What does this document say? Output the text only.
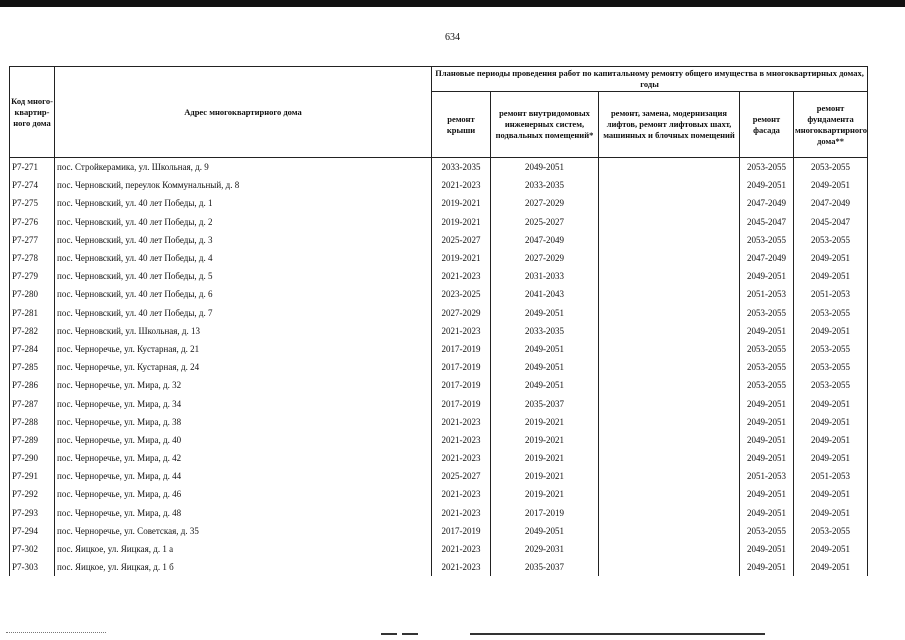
634
Код много-квартир-ного дома	Адрес многоквартирного дома	Плановые периоды проведения работ по капитальному ремонту общего имущества в многоквартирных домах, годы				
		ремонт крыши	ремонт внутридомовых инженерных систем, подвальных помещений*	ремонт, замена, модернизация лифтов, ремонт лифтовых шахт, машинных и блочных помещений	ремонт фасада	ремонт фундамента многоквартирного дома**
Р7-271	пос. Стройкерамика, ул. Школьная, д. 9	2033-2035	2049-2051		2053-2055	2053-2055
Р7-274	пос. Черновский, переулок Коммунальный, д. 8	2021-2023	2033-2035		2049-2051	2049-2051
Р7-275	пос. Черновский, ул. 40 лет Победы, д. 1	2019-2021	2027-2029		2047-2049	2047-2049
Р7-276	пос. Черновский, ул. 40 лет Победы, д. 2	2019-2021	2025-2027		2045-2047	2045-2047
Р7-277	пос. Черновский, ул. 40 лет Победы, д. 3	2025-2027	2047-2049		2053-2055	2053-2055
Р7-278	пос. Черновский, ул. 40 лет Победы, д. 4	2019-2021	2027-2029		2047-2049	2049-2051
Р7-279	пос. Черновский, ул. 40 лет Победы, д. 5	2021-2023	2031-2033		2049-2051	2049-2051
Р7-280	пос. Черновский, ул. 40 лет Победы, д. 6	2023-2025	2041-2043		2051-2053	2051-2053
Р7-281	пос. Черновский, ул. 40 лет Победы, д. 7	2027-2029	2049-2051		2053-2055	2053-2055
Р7-282	пос. Черновский, ул. Школьная, д. 13	2021-2023	2033-2035		2049-2051	2049-2051
Р7-284	пос. Черноречье, ул. Кустарная, д. 21	2017-2019	2049-2051		2053-2055	2053-2055
Р7-285	пос. Черноречье, ул. Кустарная, д. 24	2017-2019	2049-2051		2053-2055	2053-2055
Р7-286	пос. Черноречье, ул. Мира, д. 32	2017-2019	2049-2051		2053-2055	2053-2055
Р7-287	пос. Черноречье, ул. Мира, д. 34	2017-2019	2035-2037		2049-2051	2049-2051
Р7-288	пос. Черноречье, ул. Мира, д. 38	2021-2023	2019-2021		2049-2051	2049-2051
Р7-289	пос. Черноречье, ул. Мира, д. 40	2021-2023	2019-2021		2049-2051	2049-2051
Р7-290	пос. Черноречье, ул. Мира, д. 42	2021-2023	2019-2021		2049-2051	2049-2051
Р7-291	пос. Черноречье, ул. Мира, д. 44	2025-2027	2019-2021		2051-2053	2051-2053
Р7-292	пос. Черноречье, ул. Мира, д. 46	2021-2023	2019-2021		2049-2051	2049-2051
Р7-293	пос. Черноречье, ул. Мира, д. 48	2021-2023	2017-2019		2049-2051	2049-2051
Р7-294	пос. Черноречье, ул. Советская, д. 35	2017-2019	2049-2051		2053-2055	2053-2055
Р7-302	пос. Яицкое, ул. Яицкая, д. 1 а	2021-2023	2029-2031		2049-2051	2049-2051
Р7-303	пос. Яицкое, ул. Яицкая, д. 1 б	2021-2023	2035-2037		2049-2051	2049-2051
